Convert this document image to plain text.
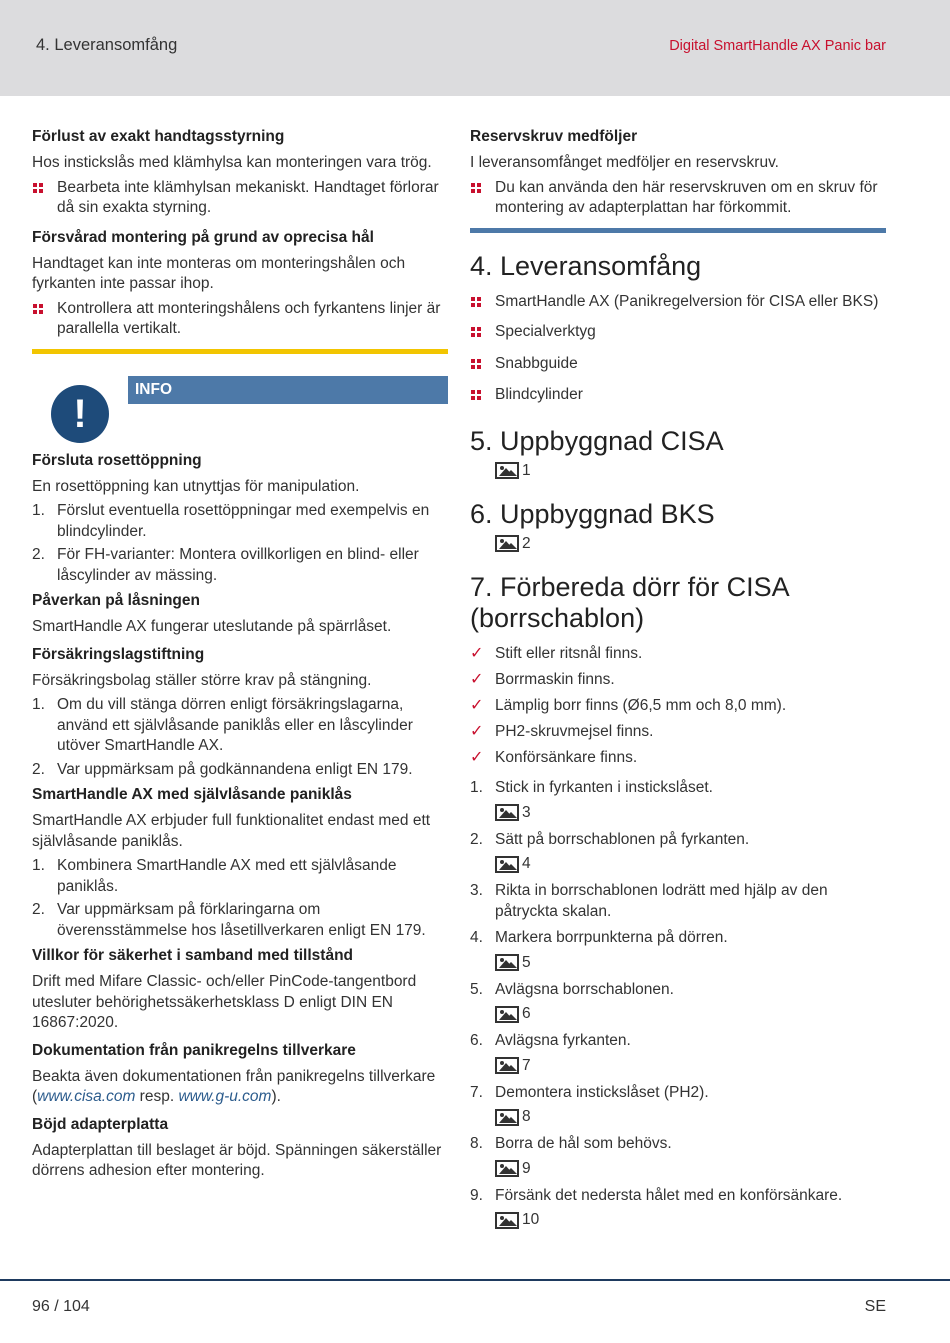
4. Leveransomfång	Digital SmartHandle AX Panic bar
Förlust av exakt handtagsstyrning
Hos instickslås med klämhylsa kan monteringen vara trög.
Bearbeta inte klämhylsan mekaniskt. Handtaget förlorar då sin exakta styrning.
Försvårad montering på grund av oprecisa hål
Handtaget kan inte monteras om monteringshålen och fyrkanten inte passar ihop.
Kontrollera att monteringshålens och fyrkantens linjer är parallella vertikalt.
!
INFO
Försluta rosettöppning
En rosettöppning kan utnyttjas för manipulation.
1. Förslut eventuella rosettöppningar med exempelvis en blindcylinder.
2. För FH-varianter: Montera ovillkorligen en blind- eller låscylinder av mässing.
Påverkan på låsningen
SmartHandle AX fungerar uteslutande på spärrlåset.
Försäkringslagstiftning
Försäkringsbolag ställer större krav på stängning.
1. Om du vill stänga dörren enligt försäkringslagarna, använd ett självlåsande paniklås eller en låscylinder utöver SmartHandle AX.
2. Var uppmärksam på godkännandena enligt EN 179.
SmartHandle AX med självlåsande paniklås
SmartHandle AX erbjuder full funktionalitet endast med ett självlåsande paniklås.
1. Kombinera SmartHandle AX med ett självlåsande paniklås.
2. Var uppmärksam på förklaringarna om överensstämmelse hos låsetillverkaren enligt EN 179.
Villkor för säkerhet i samband med tillstånd
Drift med Mifare Classic- och/eller PinCode-tangentbord utesluter behörighetssäkerhetsklass D enligt DIN EN 16867:2020.
Dokumentation från panikregelns tillverkare
Beakta även dokumentationen från panikregelns tillverkare (www.cisa.com resp. www.g-u.com).
Böjd adapterplatta
Adapterplattan till beslaget är böjd. Spänningen säkerställer dörrens adhesion efter montering.
Reservskruv medföljer
I leveransomfånget medföljer en reservskruv.
Du kan använda den här reservskruven om en skruv för montering av adapterplattan har förkommit.
4. Leveransomfång
SmartHandle AX (Panikregelversion för CISA eller BKS)
Specialverktyg
Snabbguide
Blindcylinder
5. Uppbyggnad CISA
1
6. Uppbyggnad BKS
2
7. Förbereda dörr för CISA (borrschablon)
✓ Stift eller ritsnål finns.
✓ Borrmaskin finns.
✓ Lämplig borr finns (Ø6,5 mm och 8,0 mm).
✓ PH2-skruvmejsel finns.
✓ Konförsänkare finns.
1. Stick in fyrkanten i instickslåset.
3
2. Sätt på borrschablonen på fyrkanten.
4
3. Rikta in borrschablonen lodrätt med hjälp av den påtryckta skalan.
4. Markera borrpunkterna på dörren.
5
5. Avlägsna borrschablonen.
6
6. Avlägsna fyrkanten.
7
7. Demontera instickslåset (PH2).
8
8. Borra de hål som behövs.
9
9. Försänk det nedersta hålet med en konförsänkare.
10
96 / 104	SE
